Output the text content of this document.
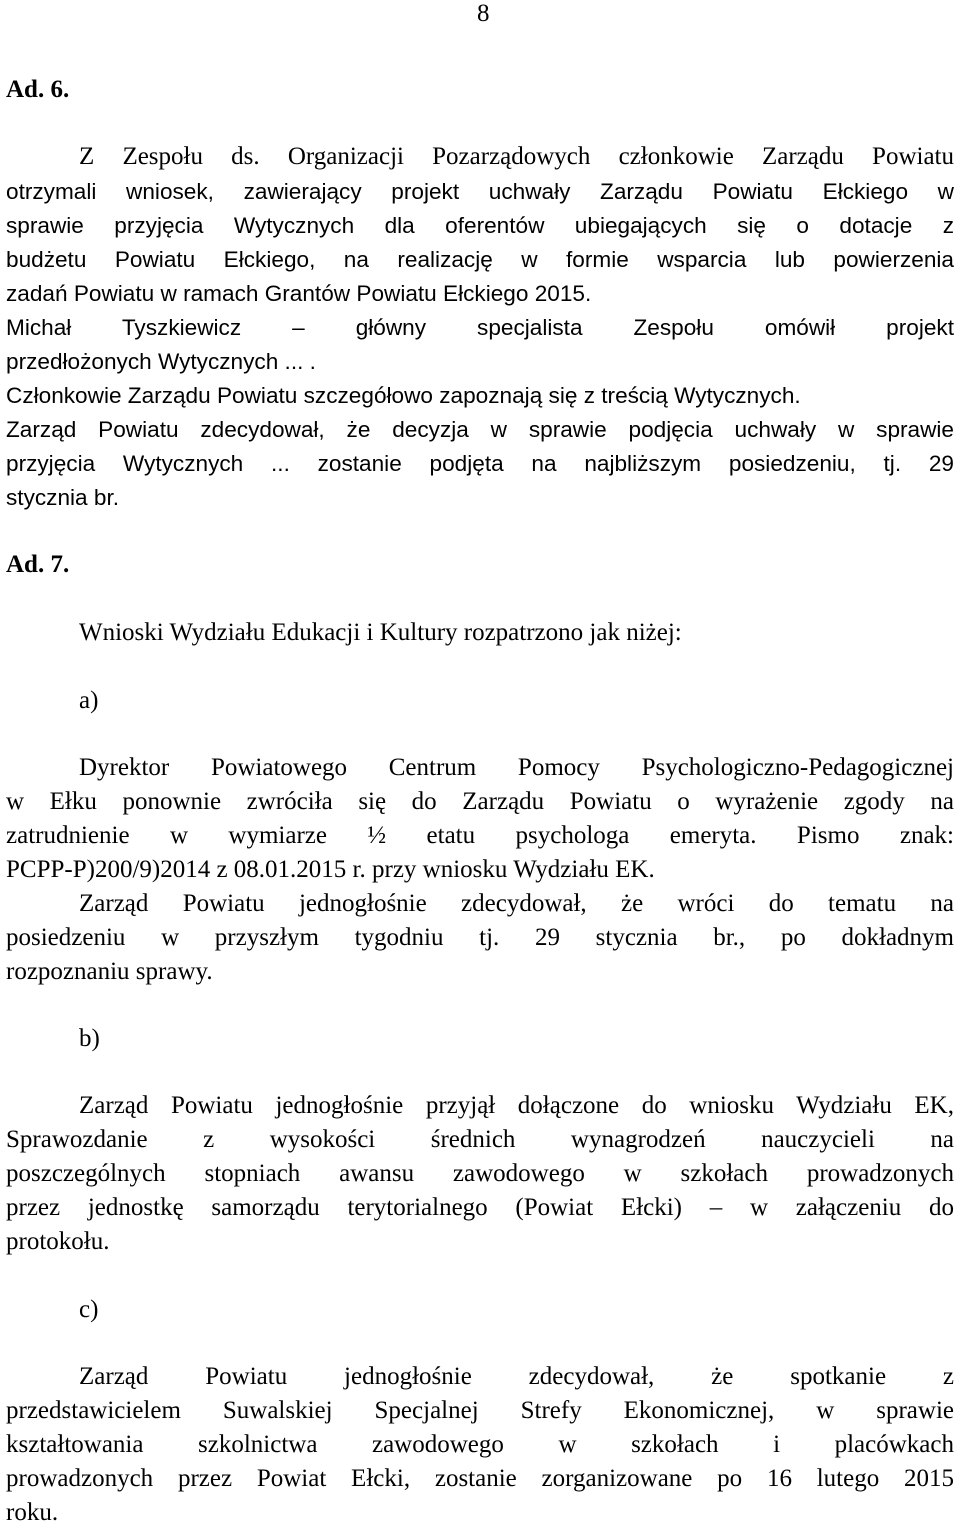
8

Ad. 6.

Z Zespołu ds. Organizacji Pozarządowych członkowie Zarządu Powiatu

otrzymali wniosek, zawierający projekt uchwały Zarządu Powiatu Ełckiego w
sprawie przyjęcia Wytycznych dla oferentów ubiegających się o dotacje z
budżetu Powiatu Ełckiego, na realizację w formie wsparcia lub powierzenia
zadań Powiatu w ramach Grantów Powiatu Ełckiego 2015.
Michał Tyszkiewicz – główny specjalista Zespołu omówił projekt
przedłożonych Wytycznych ... .
Członkowie Zarządu Powiatu szczegółowo zapoznają się z treścią Wytycznych.
Zarząd Powiatu zdecydował, że decyzja w sprawie podjęcia uchwały w sprawie
przyjęcia Wytycznych ... zostanie podjęta na najbliższym posiedzeniu, tj. 29
stycznia br.

Ad. 7.

Wnioski Wydziału Edukacji i Kultury rozpatrzono jak niżej:

a)

Dyrektor Powiatowego Centrum Pomocy Psychologiczno-Pedagogicznej
w Ełku ponownie zwróciła się do Zarządu Powiatu o wyrażenie zgody na
zatrudnienie w wymiarze ½ etatu psychologa emeryta. Pismo znak:
PCPP-P)200/9)2014 z 08.01.2015 r. przy wniosku Wydziału EK.
Zarząd Powiatu jednogłośnie zdecydował, że wróci do tematu na
posiedzeniu w przyszłym tygodniu tj. 29 stycznia br., po dokładnym
rozpoznaniu sprawy.

b)

Zarząd Powiatu jednogłośnie przyjął dołączone do wniosku Wydziału EK,
Sprawozdanie z wysokości średnich wynagrodzeń nauczycieli na
poszczególnych stopniach awansu zawodowego w szkołach prowadzonych
przez jednostkę samorządu terytorialnego (Powiat Ełcki) – w załączeniu do
protokołu.

c)

Zarząd Powiatu jednogłośnie zdecydował, że spotkanie z
przedstawicielem Suwalskiej Specjalnej Strefy Ekonomicznej, w sprawie
kształtowania szkolnictwa zawodowego w szkołach i placówkach
prowadzonych przez Powiat Ełcki, zostanie zorganizowane po 16 lutego 2015
roku.
